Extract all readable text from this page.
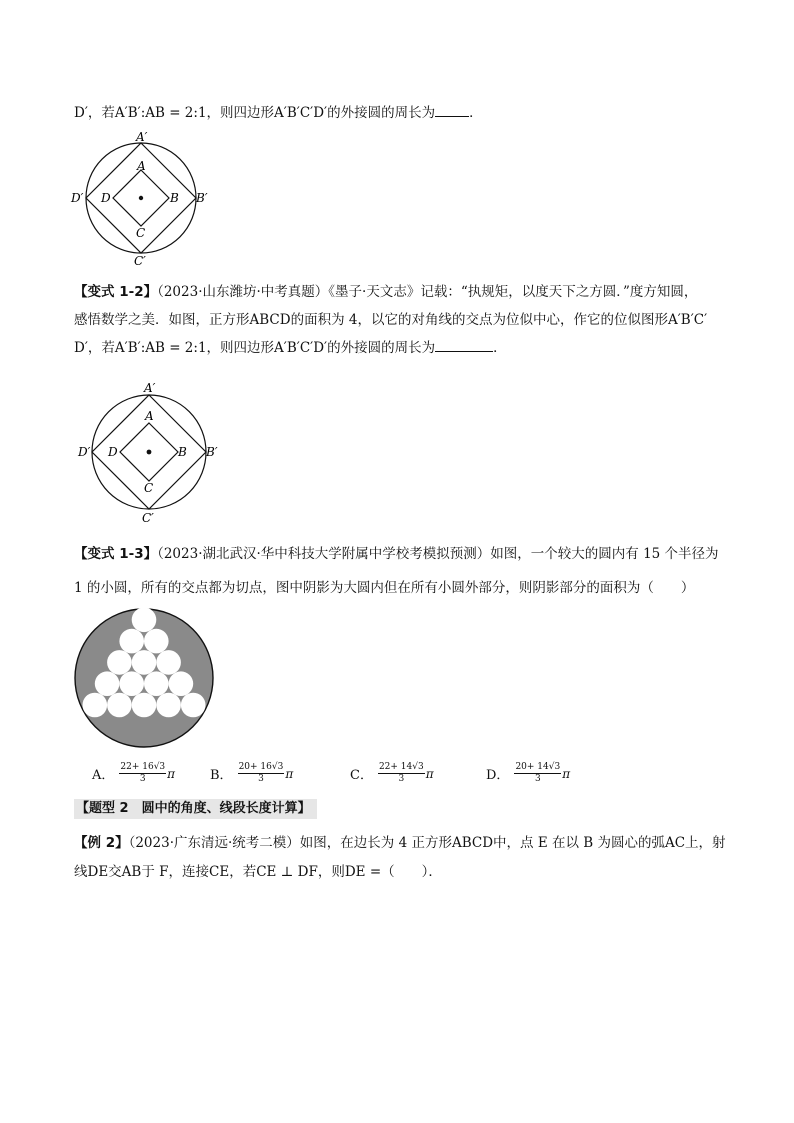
D′，若A′B′:AB = 2:1，则四边形A′B′C′D′的外接圆的周长为	．
A
B
C
D
A′
B′
C′
D′
【变式 1-2】（2023·山东潍坊·中考真题）《墨子·天文志》记载：“执规矩，以度天下之方圆．”度方知圆，
感悟数学之美．如图，正方形ABCD的面积为 4，以它的对角线的交点为位似中心，作它的位似图形A′B′C′
D′，若A′B′:AB = 2:1，则四边形A′B′C′D′的外接圆的周长为	．
A
B
C
D
A′
B′
C′
D′
【变式 1-3】（2023·湖北武汉·华中科技大学附属中学校考模拟预测）如图，一个较大的圆内有 15 个半径为
1 的小圆，所有的交点都为切点，图中阴影为大圆内但在所有小圆外部分，则阴影部分的面积为（　　）
A． $\frac{22+ 16√3}{3}$ π	B． $\frac{20+ 16√3}{3}$ π	C． $\frac{22+ 14√3}{3}$ π	D． $\frac{20+ 14√3}{3}$ π
【题型 2　圆中的角度、线段长度计算】
【例 2】（2023·广东清远·统考二模）如图，在边长为 4 正方形ABCD中，点 E 在以 B 为圆心的弧AC上，射
线DE交AB于 F，连接CE，若CE ⊥ DF，则DE =（　　）．
